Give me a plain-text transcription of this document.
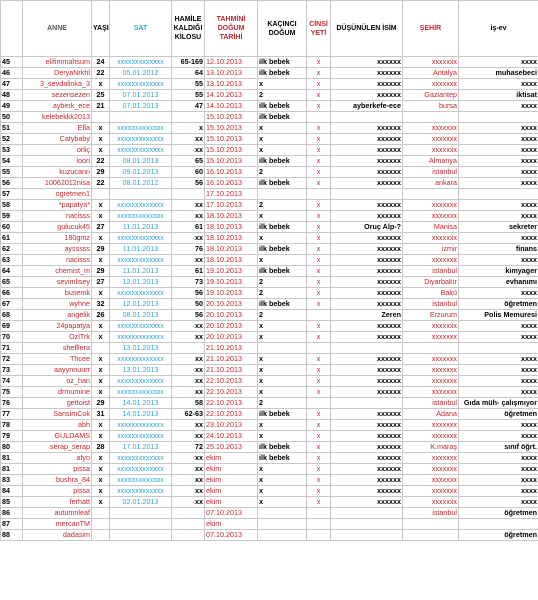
	ANNE	YAŞI	SAT	HAMİLE KALDIĞI KİLOSU	TAHMİNİ DOĞUM TARİHİ	KAÇINCI DOĞUM	CİNSİ YETİ	DÜŞÜNÜLEN İSİM	ŞEHİR	iş-ev
45	elifimmahsum	24	xxxxxxxxxxxxx	65-169	12.10.2013	ilk bebek	x	xxxxxx	xxxxxxx	xxxx
46	DeryaNrkhl	22	05.01.2012	64	13.10.2013	ilk bebek	x	xxxxxx	Antalya	muhasebeci
47	3_sevdalinka_3	x	xxxxxxxxxxxxx	55	13.10.2013	x	x	xxxxxx	xxxxxxx	xxxx
48	sezensezen	25	07.01.2013	55	14.10.2013	2	x	xxxxxx	Gaziantep	iktisat
49	ayberk_ece	21	07.01.2013	47	14.10.2013	ilk bebek	x	ayberkefe-ece	bursa	xxxx
50	kelebekkk2013				15.10.2013	ilk bebek				
51	Efla	x	xxxxxxxxxxxxx	x	15.10.2013	x	x	xxxxxx	xxxxxxx	xxxx
52	Catybaby	x	xxxxxxxxxxxxx	xx	15.10.2013	x	x	xxxxxx	xxxxxxx	xxxx
53	orliç	x	xxxxxxxxxxxxx	xx	15.10.2013	x	x	xxxxxx	xxxxxxx	xxxx
54	loori	22	08.01.2013	65	15.10.2013	ilk bebek	x	xxxxxx	Almanya	xxxx
55	kuzucann	29	09.01.2013	60	16.10.2013	2	x	xxxxxx	istanbul	xxxx
56	10062012nisa	22	08.01.2012	56	16.10.2013	ilk bebek	x	xxxxxx	ankara	xxxx
57	ogretmen1				17.10.2013					
58	*papatya*	x	xxxxxxxxxxxxx	xx	17.10.2013	2	x	xxxxxx	xxxxxxx	xxxx
59	nacisss	x	xxxxxxxxxxxxx	xx	18.10.2013	x	x	xxxxxx	xxxxxxx	xxxx
60	gulucuk45	27	11.01.2013	61	18.10.2013	ilk bebek	x	Oruç Alp-?	Manisa	sekreter
61	180gmz	x	xxxxxxxxxxxxx	xx	18.10.2013	x	x	xxxxxx	xxxxxxx	xxxx
62	aysssss	29	11.01.2013	76	18.10.2013	ilk bebek	x	xxxxxx	izmir	finans
63	nacisss	x	xxxxxxxxxxxxx	xx	18.10.2013	x	x	xxxxxx	xxxxxxx	xxxx
64	chemist_m	29	11.01.2013	61	19.10.2013	ilk bebek	x	xxxxxx	istanbul	kimyager
65	sevimlisey	27	12.01.2013	73	19.10.2013	2	x	xxxxxx	Diyarbakır	evhanımı
66	busemk	x	xxxxxxxxxxxxx	56	19.10.2013	2	x	xxxxxx	Bakü	xxxx
67	wyhne	32	12.01.2013	50	20.10.2013	ilk bebek	x	xxxxxx	istanbul	öğretmen
68	angelik	26	08.01.2013	56	20.10.2013	2		Zeren	Erzurum	Polis Memuresi
69	24papatya	x	xxxxxxxxxxxxx	xx	20.10.2013	x	x	xxxxxx	xxxxxxx	xxxx
70	OzlTrk	x	xxxxxxxxxxxxx	xx	20.10.2013	x	x	xxxxxx	xxxxxxx	xxxx
71	shefllera		13.01.2013		21.10.2013					
72	Thcee	x	xxxxxxxxxxxxx	xx	21.10.2013	x	x	xxxxxx	xxxxxxx	xxxx
73	aayynnuurr	x	13.01.2013	xx	21.10.2013	x	x	xxxxxx	xxxxxxx	xxxx
74	oz_han	x	xxxxxxxxxxxxx	xx	22.10.2013	x	x	xxxxxx	xxxxxxx	xxxx
75	drmumine	x	xxxxxxxxxxxxx	xx	22.10.2013	x	x	xxxxxx	xxxxxxx	xxxx
76	gettoist	29	14.01.2013	58	22.10.2013	2			istanbul	Gıda müh- çalışmıyor
77	SansimCok	31	14.01.2013	62-63	22.10.2013	ilk bebek	x	xxxxxx	Adana	öğretmen
78	abh	x	xxxxxxxxxxxxx	xx	23.10.2013	x	x	xxxxxx	xxxxxxx	xxxx
79	GULDAMS	x	xxxxxxxxxxxxx	xx	24.10.2013	x	x	xxxxxx	xxxxxxx	xxxx
80	serap_serap	28	17.01.2013	72	25.10.2013	ilk bebek	x	xxxxxx	K.maraş	sınıf öğrt.
81	afyo	x	xxxxxxxxxxxxx	xx	ekim	ilk bebek	x	xxxxxx	xxxxxxx	xxxx
81	pissa	x	xxxxxxxxxxxxx	xx	ekim	x	x	xxxxxx	xxxxxxx	xxxx
83	bushra_84	x	xxxxxxxxxxxxx	xx	ekim	x	x	xxxxxx	xxxxxxx	xxxx
84	pissa	x	xxxxxxxxxxxxx	xx	ekim	x	x	xxxxxx	xxxxxxx	xxxx
85	ferhatt	x	02.01.2013	xx	ekim	x	x	xxxxxx	xxxxxxx	xxxx
86	autumnleaf				07.10.2013				istanbul	öğretmen
87	mercanTM				ekim					
88	dadasim				07.10.2013					öğretmen
